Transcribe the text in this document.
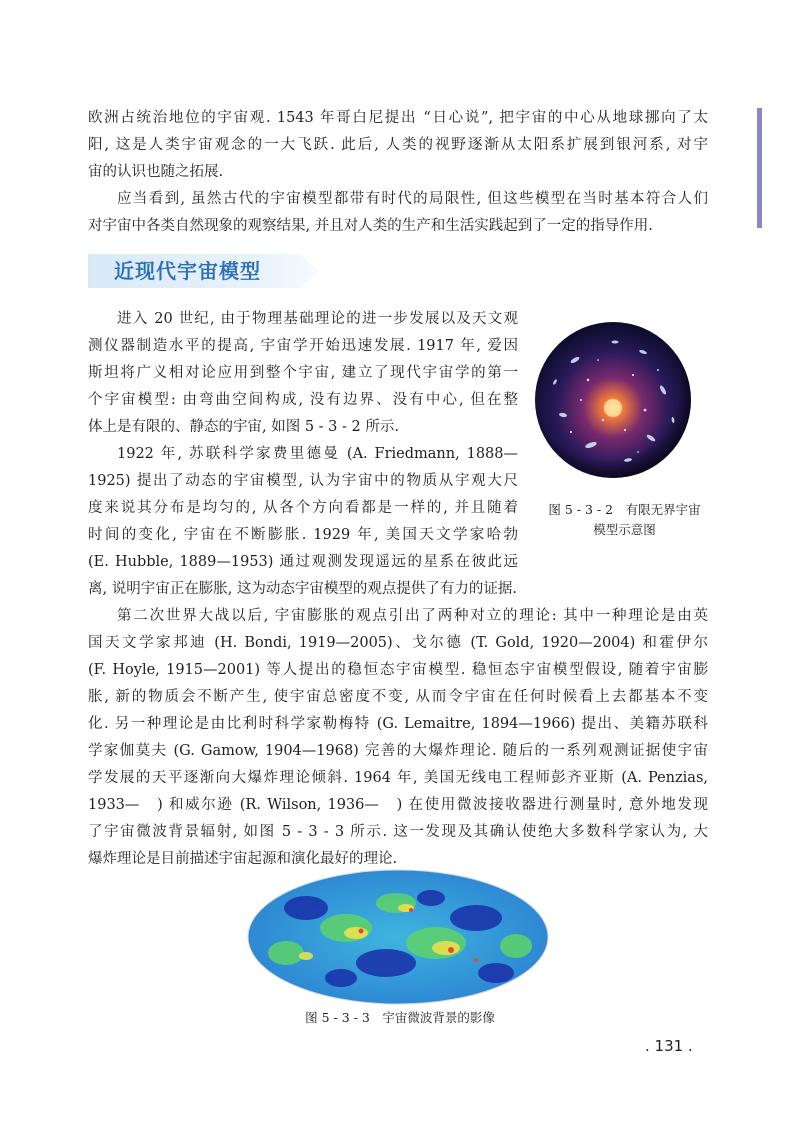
欧洲占统治地位的宇宙观. 1543 年哥白尼提出 “日心说”, 把宇宙的中心从地球挪向了太
阳, 这是人类宇宙观念的一大飞跃. 此后, 人类的视野逐渐从太阳系扩展到银河系, 对宇
宙的认识也随之拓展.

应当看到, 虽然古代的宇宙模型都带有时代的局限性, 但这些模型在当时基本符合人们
对宇宙中各类自然现象的观察结果, 并且对人类的生产和生活实践起到了一定的指导作用.

近现代宇宙模型

进入 20 世纪, 由于物理基础理论的进一步发展以及天文观
测仪器制造水平的提高, 宇宙学开始迅速发展. 1917 年, 爱因
斯坦将广义相对论应用到整个宇宙, 建立了现代宇宙学的第一
个宇宙模型: 由弯曲空间构成, 没有边界、没有中心, 但在整
体上是有限的、静态的宇宙, 如图 5 - 3 - 2 所示.

1922 年, 苏联科学家费里德曼 (A. Friedmann, 1888—
1925) 提出了动态的宇宙模型, 认为宇宙中的物质从宇观大尺
度来说其分布是均匀的, 从各个方向看都是一样的, 并且随着
时间的变化, 宇宙在不断膨胀. 1929 年, 美国天文学家哈勃
(E. Hubble, 1889—1953) 通过观测发现遥远的星系在彼此远

离, 说明宇宙正在膨胀, 这为动态宇宙模型的观点提供了有力的证据.

图 5 - 3 - 2　有限无界宇宙
模型示意图

第二次世界大战以后, 宇宙膨胀的观点引出了两种对立的理论: 其中一种理论是由英
国天文学家邦迪 (H. Bondi, 1919—2005)、戈尔德 (T. Gold, 1920—2004) 和霍伊尔
(F. Hoyle, 1915—2001) 等人提出的稳恒态宇宙模型. 稳恒态宇宙模型假设, 随着宇宙膨
胀, 新的物质会不断产生, 使宇宙总密度不变, 从而令宇宙在任何时候看上去都基本不变
化. 另一种理论是由比利时科学家勒梅特 (G. Lemaitre, 1894—1966) 提出、美籍苏联科
学家伽莫夫 (G. Gamow, 1904—1968) 完善的大爆炸理论. 随后的一系列观测证据使宇宙
学发展的天平逐渐向大爆炸理论倾斜. 1964 年, 美国无线电工程师彭齐亚斯 (A. Penzias,
1933—　) 和威尔逊 (R. Wilson, 1936—　) 在使用微波接收器进行测量时, 意外地发现
了宇宙微波背景辐射, 如图 5 - 3 - 3 所示. 这一发现及其确认使绝大多数科学家认为, 大
爆炸理论是目前描述宇宙起源和演化最好的理论.

图 5 - 3 - 3　宇宙微波背景的影像
. 131 .
